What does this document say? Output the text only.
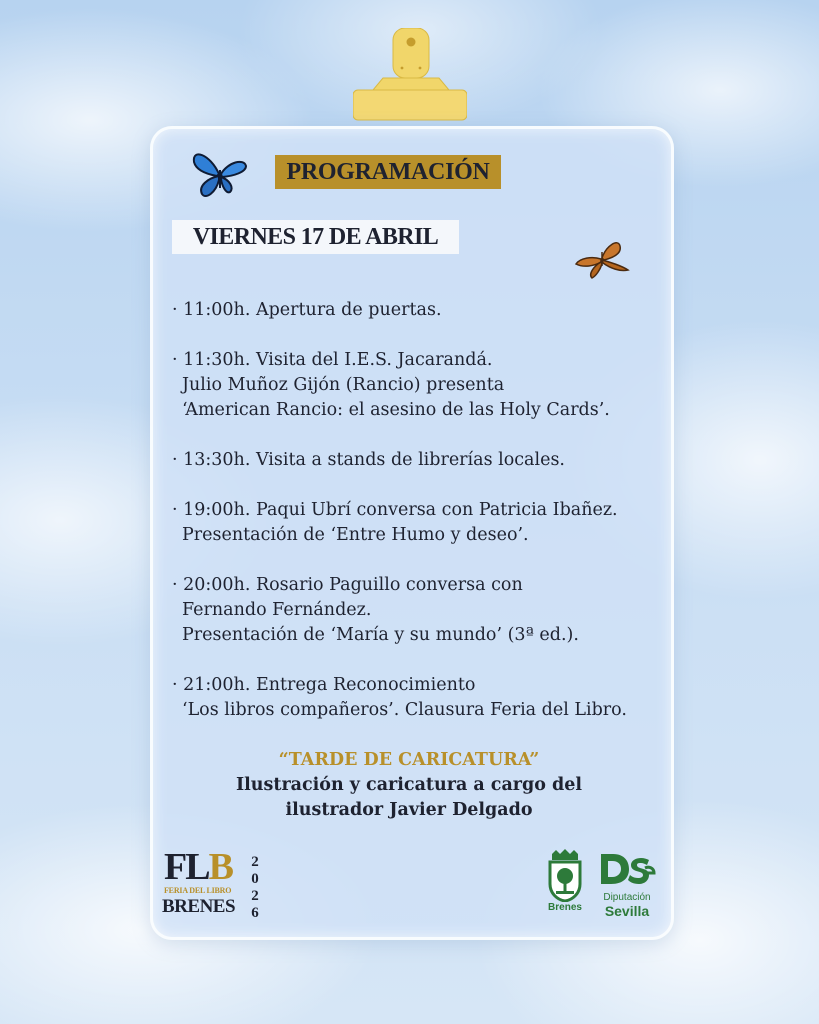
PROGRAMACIÓN
VIERNES 17 DE ABRIL
· 11:00h. Apertura de puertas.
· 11:30h. Visita del I.E.S. Jacarandá.
Julio Muñoz Gijón (Rancio) presenta
‘American Rancio: el asesino de las Holy Cards’.
· 13:30h. Visita a stands de librerías locales.
· 19:00h. Paqui Ubrí conversa con Patricia Ibañez.
Presentación de ‘Entre Humo y deseo’.
· 20:00h. Rosario Paguillo conversa con
Fernando Fernández.
Presentación de ‘María y su mundo’ (3ª ed.).
· 21:00h. Entrega Reconocimiento
‘Los libros compañeros’. Clausura Feria del Libro.
“TARDE DE CARICATURA”
Ilustración y caricatura a cargo del
ilustrador Javier Delgado
FLB
FERIA DEL LIBRO
BRENES
2
0
2
6	Brenes
Diputación
Sevilla
